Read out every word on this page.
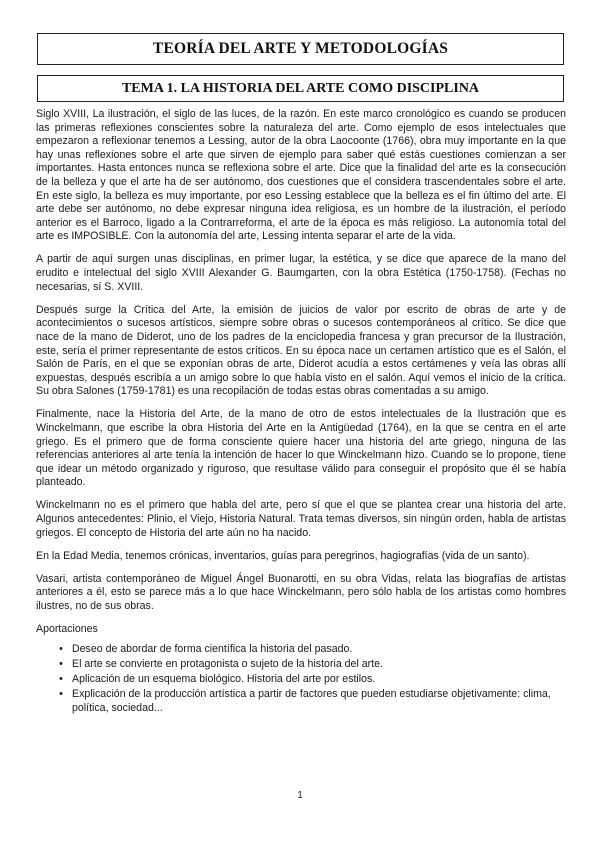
TEORÍA DEL ARTE Y METODOLOGÍAS
TEMA 1. LA HISTORIA DEL ARTE COMO DISCIPLINA

Siglo XVIII, La ilustración, el siglo de las luces, de la razón. En este marco cronológico es cuando se producen las primeras reflexiones conscientes sobre la naturaleza del arte. Como ejemplo de esos intelectuales que empezaron a reflexionar tenemos a Lessing, autor de la obra Laocoonte (1766), obra muy importante en la que hay unas reflexiones sobre el arte que sirven de ejemplo para saber qué estás cuestiones comienzan a ser importantes. Hasta entonces nunca se reflexiona sobre el arte. Dice que la finalidad del arte es la consecución de la belleza y que el arte ha de ser autónomo, dos cuestiones que el considera trascendentales sobre el arte. En este siglo, la belleza es muy importante, por eso Lessing establece que la belleza es el fin último del arte. El arte debe ser autónomo, no debe expresar ninguna idea religiosa, es un hombre de la ilustración, el período anterior es el Barroco, ligado a la Contrarreforma, el arte de la época es más religioso. La autonomía total del arte es IMPOSIBLE. Con la autonomía del arte, Lessing intenta separar el arte de la vida.

A partir de aquí surgen unas disciplinas, en primer lugar, la estética, y se dice que aparece de la mano del erudito e intelectual del siglo XVIII Alexander G. Baumgarten, con la obra Estética (1750-1758). (Fechas no necesarias, sí S. XVIII.

Después surge la Crítica del Arte, la emisión de juicios de valor por escrito de obras de arte y de acontecimientos o sucesos artísticos, siempre sobre obras o sucesos contemporáneos al crítico. Se dice que nace de la mano de Diderot, uno de los padres de la enciclopedia francesa y gran precursor de la Ilustración, este, sería el primer representante de estos críticos. En su época nace un certamen artístico que es el Salón, el Salón de París, en el que se exponían obras de arte, Diderot acudía a estos certámenes y veía las obras allí expuestas, después escribía a un amigo sobre lo que había visto en el salón. Aquí vemos el inicio de la crítica. Su obra Salones (1759-1781) es una recopilación de todas estas obras comentadas a su amigo.

Finalmente, nace la Historia del Arte, de la mano de otro de estos intelectuales de la Ilustración que es Winckelmann, que escribe la obra Historia del Arte en la Antigüedad (1764), en la que se centra en el arte griego. Es el primero que de forma consciente quiere hacer una historia del arte griego, ninguna de las referencias anteriores al arte tenía la intención de hacer lo que Winckelmann hizo. Cuando se lo propone, tiene que idear un método organizado y riguroso, que resultase válido para conseguir el propósito que él se había planteado.

Winckelmann no es el primero que habla del arte, pero sí que el que se plantea crear una historia del arte. Algunos antecedentes: Plinio, el Viejo, Historia Natural. Trata temas diversos, sin ningún orden, habla de artistas griegos. El concepto de Historia del arte aún no ha nacido.

En la Edad Media, tenemos crónicas, inventarios, guías para peregrinos, hagiografías (vida de un santo).

Vasari, artista contemporáneo de Miguel Ángel Buonarotti, en su obra Vidas, relata las biografías de artistas anteriores a él, esto se parece más a lo que hace Winckelmann, pero sólo habla de los artistas como hombres ilustres, no de sus obras.

Aportaciones

• Deseo de abordar de forma científica la historia del pasado.
• El arte se convierte en protagonista o sujeto de la historia del arte.
• Aplicación de un esquema biológico. Historia del arte por estilos.
• Explicación de la producción artística a partir de factores que pueden estudiarse objetivamente: clima, política, sociedad...
1
